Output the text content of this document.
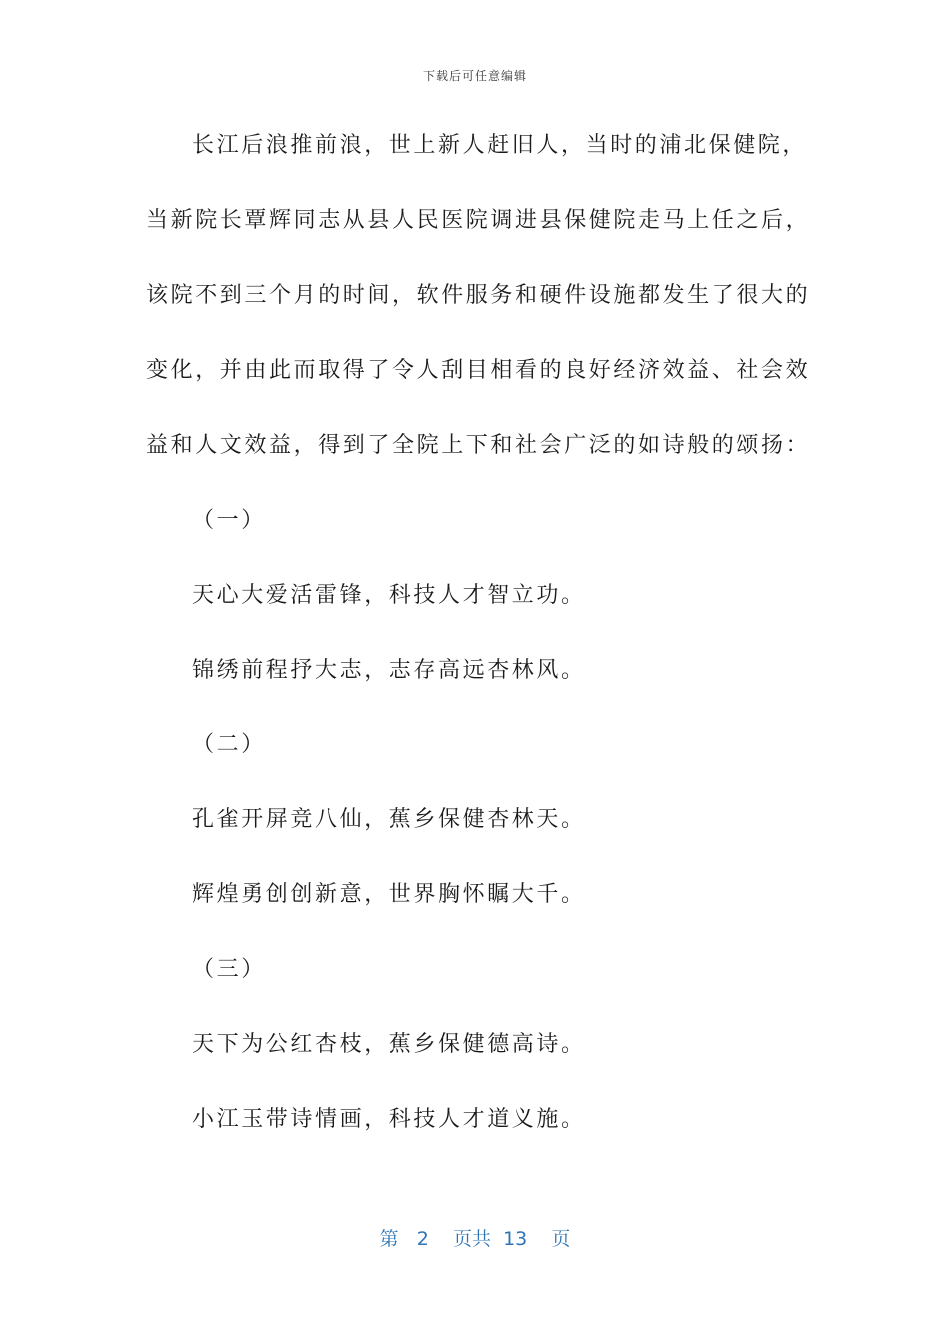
下载后可任意编辑
长江后浪推前浪，世上新人赶旧人，当时的浦北保健院，
当新院长覃辉同志从县人民医院调进县保健院走马上任之后，
该院不到三个月的时间，软件服务和硬件设施都发生了很大的
变化，并由此而取得了令人刮目相看的良好经济效益、社会效
益和人文效益，得到了全院上下和社会广泛的如诗般的颂扬：
（一）
天心大爱活雷锋，科技人才智立功。
锦绣前程抒大志，志存高远杏林风。
（二）
孔雀开屏竞八仙，蕉乡保健杏林天。
辉煌勇创创新意，世界胸怀瞩大千。
（三）
天下为公红杏枝，蕉乡保健德高诗。
小江玉带诗情画，科技人才道义施。
第 2 页共 13 页
